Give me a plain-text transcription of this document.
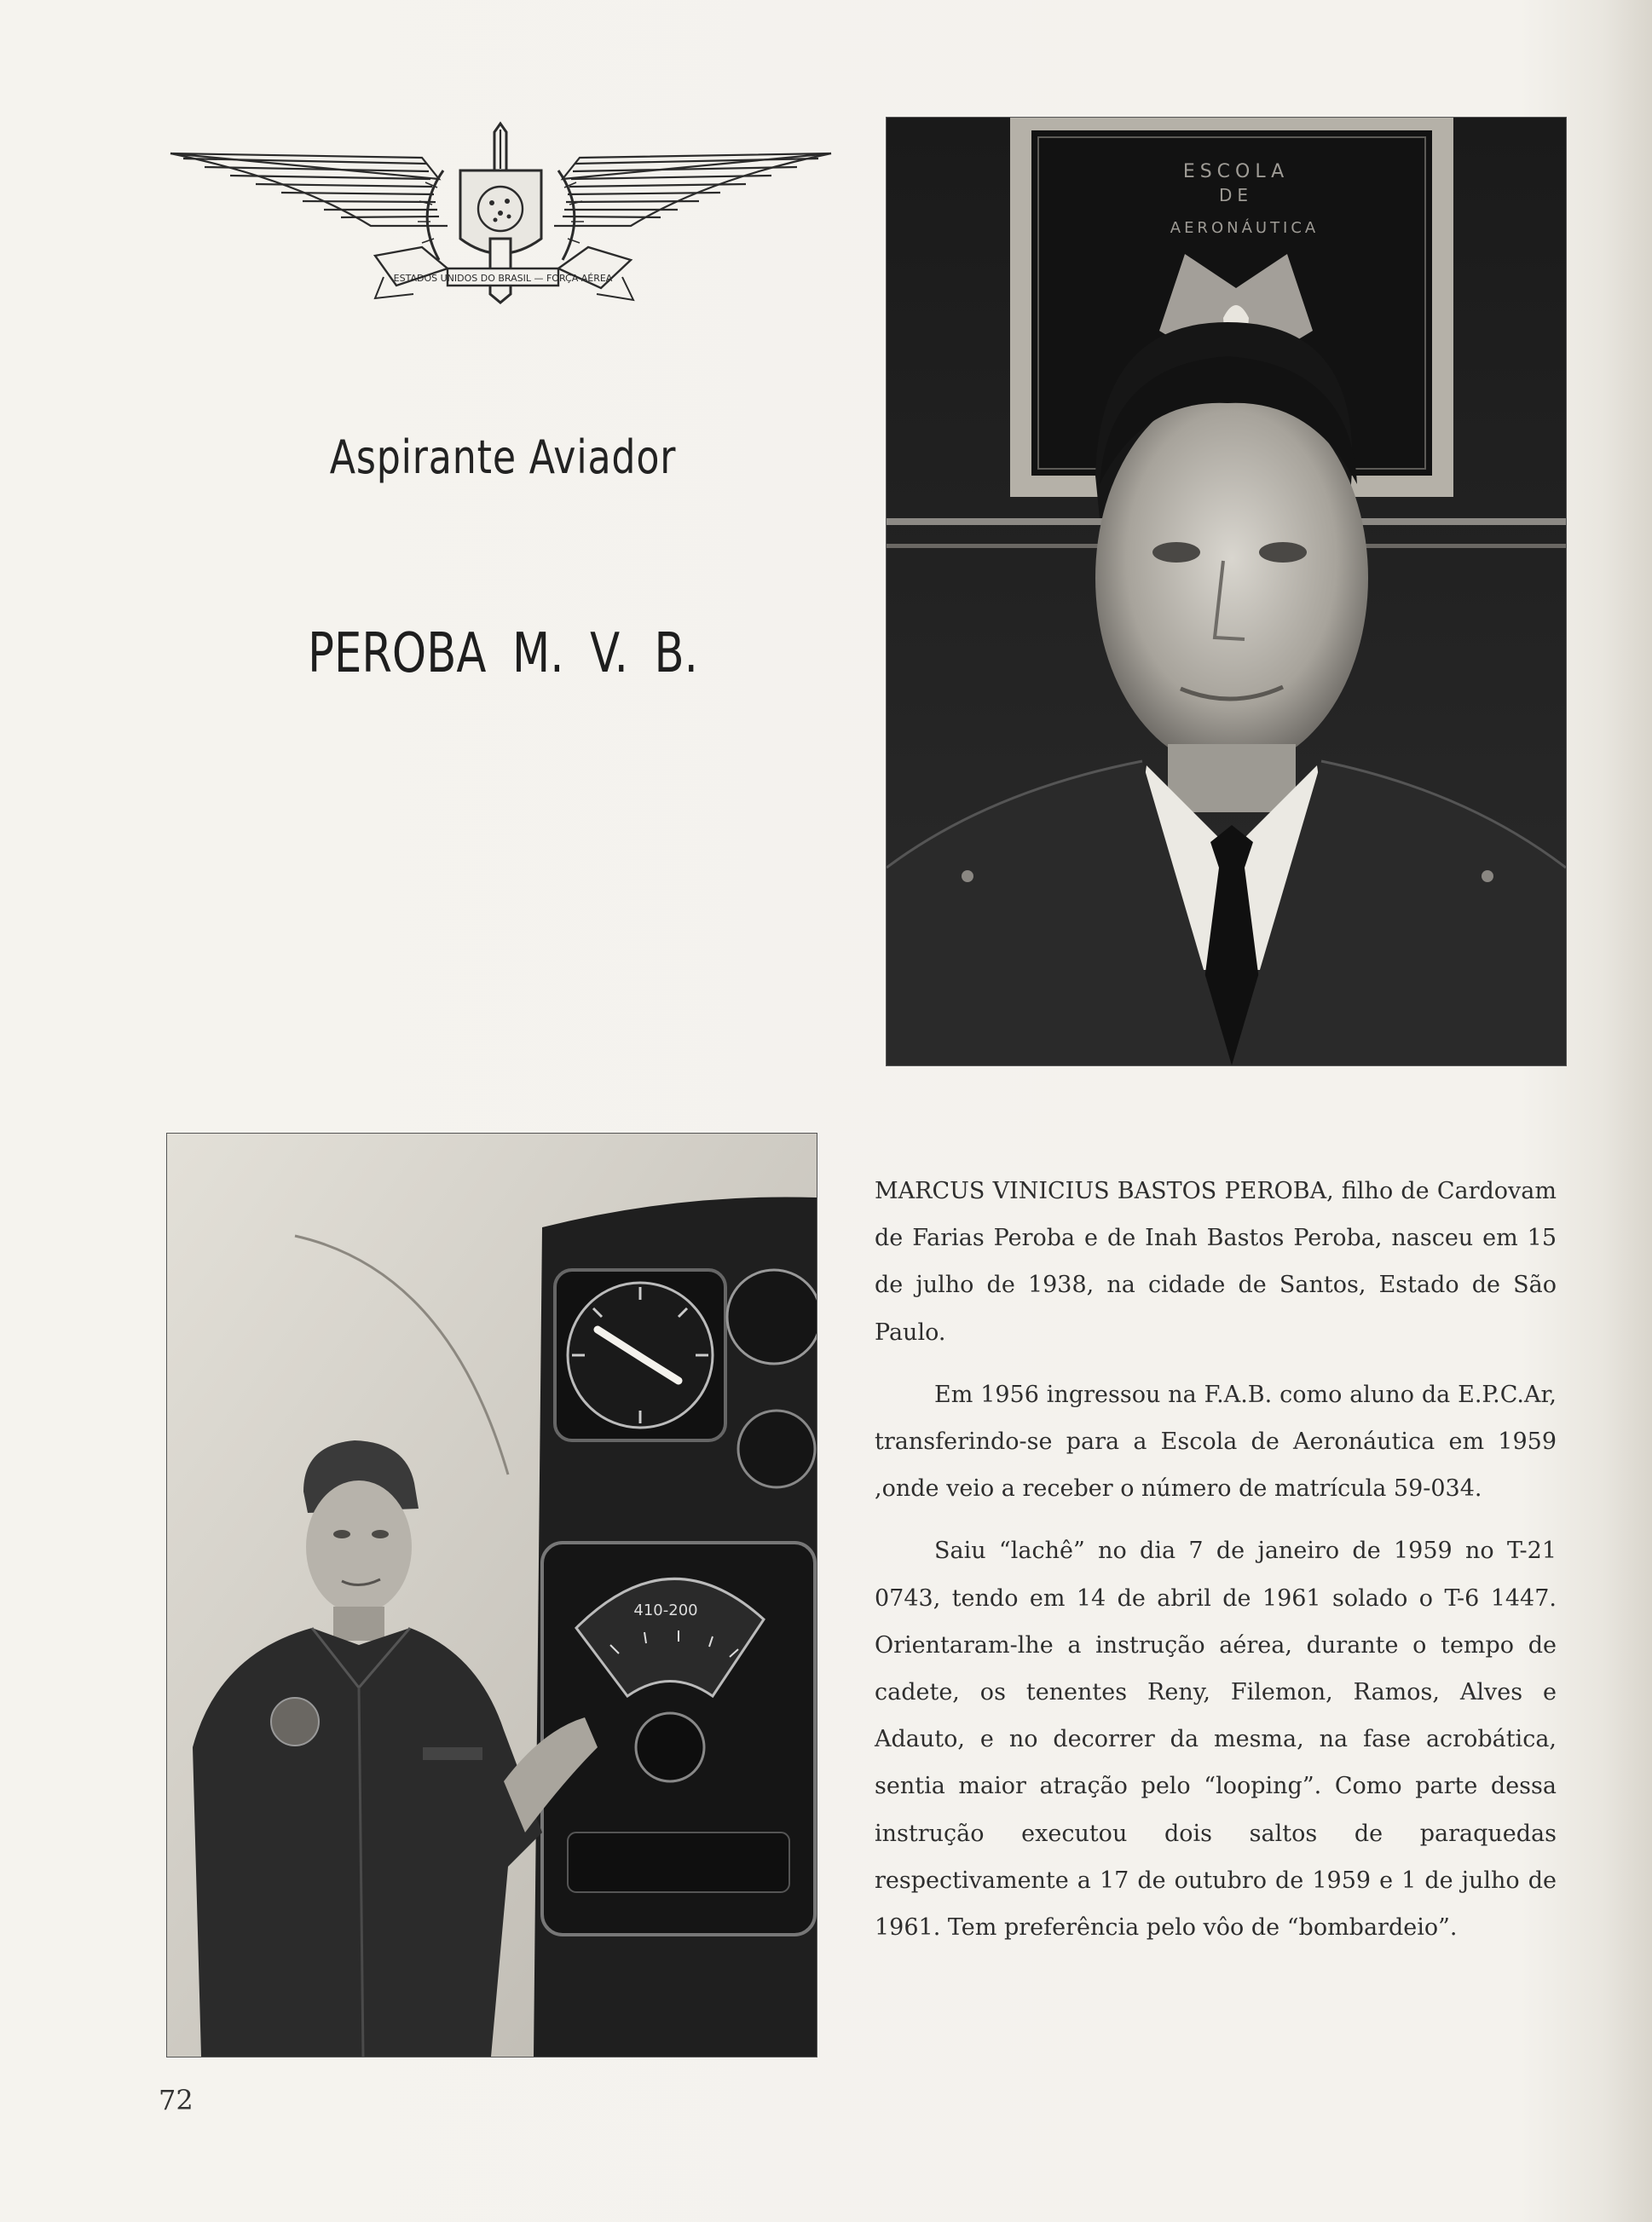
ESTADOS UNIDOS DO BRASIL — FORÇA AÉREA
Aspirante Aviador
PEROBA M. V. B.
ESCOLA
DE
AERONÁUTICA
410-200

MARCUS VINICIUS BASTOS PEROBA, filho de Cardovam de Farias Peroba e de Inah Bastos Peroba, nasceu em 15 de julho de 1938, na cidade de Santos, Estado de São Paulo.

Em 1956 ingressou na F.A.B. como aluno da E.P.C.Ar, transferindo-se para a Escola de Aeronáutica em 1959 ,onde veio a receber o número de matrícula 59-034.

Saiu “lachê” no dia 7 de janeiro de 1959 no T-21 0743, tendo em 14 de abril de 1961 solado o T-6 1447. Orientaram-lhe a instrução aérea, durante o tempo de cadete, os tenentes Reny, Filemon, Ramos, Alves e Adauto, e no decorrer da mesma, na fase acrobática, sentia maior atração pelo “looping”. Como parte dessa instrução executou dois saltos de paraquedas respectivamente a 17 de outubro de 1959 e 1 de julho de 1961. Tem preferência pelo vôo de “bombardeio”.

72
